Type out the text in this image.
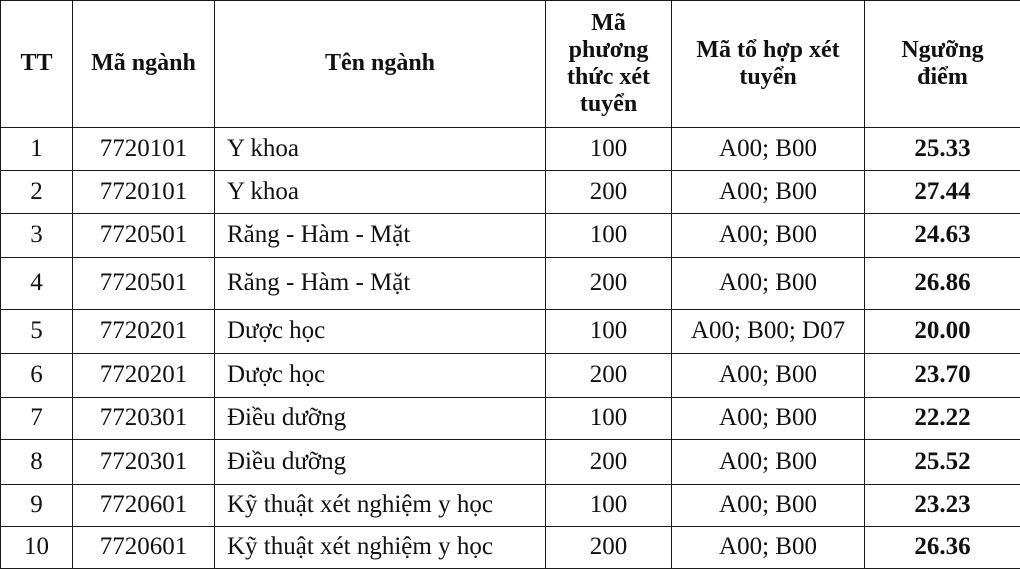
TT	Mã ngành	Tên ngành	Mã phương thức xét tuyển	Mã tổ hợp xét tuyển	Ngưỡng điểm
1	7720101	Y khoa	100	A00; B00	25.33
2	7720101	Y khoa	200	A00; B00	27.44
3	7720501	Răng - Hàm - Mặt	100	A00; B00	24.63
4	7720501	Răng - Hàm - Mặt	200	A00; B00	26.86
5	7720201	Dược học	100	A00; B00; D07	20.00
6	7720201	Dược học	200	A00; B00	23.70
7	7720301	Điều dưỡng	100	A00; B00	22.22
8	7720301	Điều dưỡng	200	A00; B00	25.52
9	7720601	Kỹ thuật xét nghiệm y học	100	A00; B00	23.23
10	7720601	Kỹ thuật xét nghiệm y học	200	A00; B00	26.36
